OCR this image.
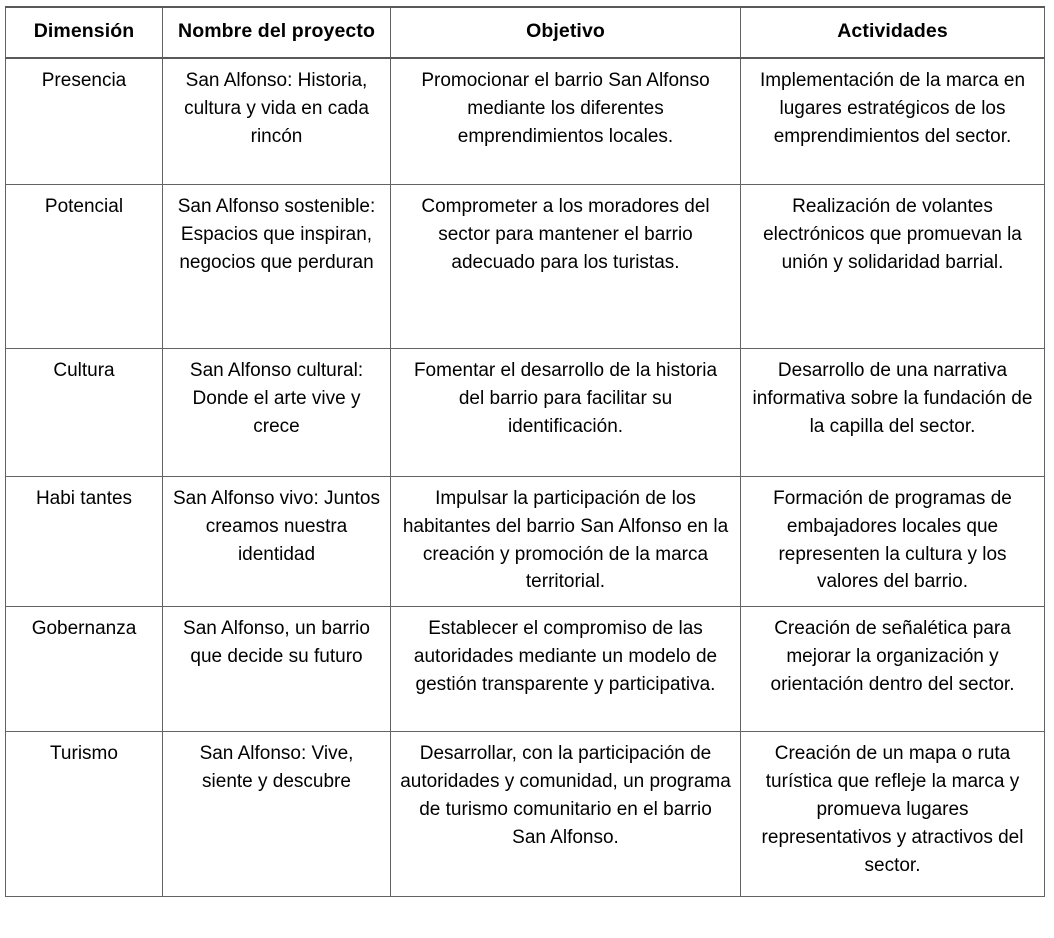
Dimensión	Nombre del proyecto	Objetivo	Actividades
Presencia	San Alfonso: Historia, cultura y vida en cada rincón	Promocionar el barrio San Alfonso mediante los diferentes emprendimientos locales.	Implementación de la marca en lugares estratégicos de los emprendimientos del sector.
Potencial	San Alfonso sostenible: Espacios que inspiran, negocios que perduran	Comprometer a los moradores del sector para mantener el barrio adecuado para los turistas.	Realización de volantes electrónicos que promuevan la unión y solidaridad barrial.
Cultura	San Alfonso cultural: Donde el arte vive y crece	Fomentar el desarrollo de la historia del barrio para facilitar su identificación.	Desarrollo de una narrativa informativa sobre la fundación de la capilla del sector.
Habi tantes	San Alfonso vivo: Juntos creamos nuestra identidad	Impulsar la participación de los habitantes del barrio San Alfonso en la creación y promoción de la marca territorial.	Formación de programas de embajadores locales que representen la cultura y los valores del barrio.
Gobernanza	San Alfonso, un barrio que decide su futuro	Establecer el compromiso de las autoridades mediante un modelo de gestión transparente y participativa.	Creación de señalética para mejorar la organización y orientación dentro del sector.
Turismo	San Alfonso: Vive, siente y descubre	Desarrollar, con la participación de autoridades y comunidad, un programa de turismo comunitario en el barrio San Alfonso.	Creación de un mapa o ruta turística que refleje la marca y promueva lugares representativos y atractivos del sector.
